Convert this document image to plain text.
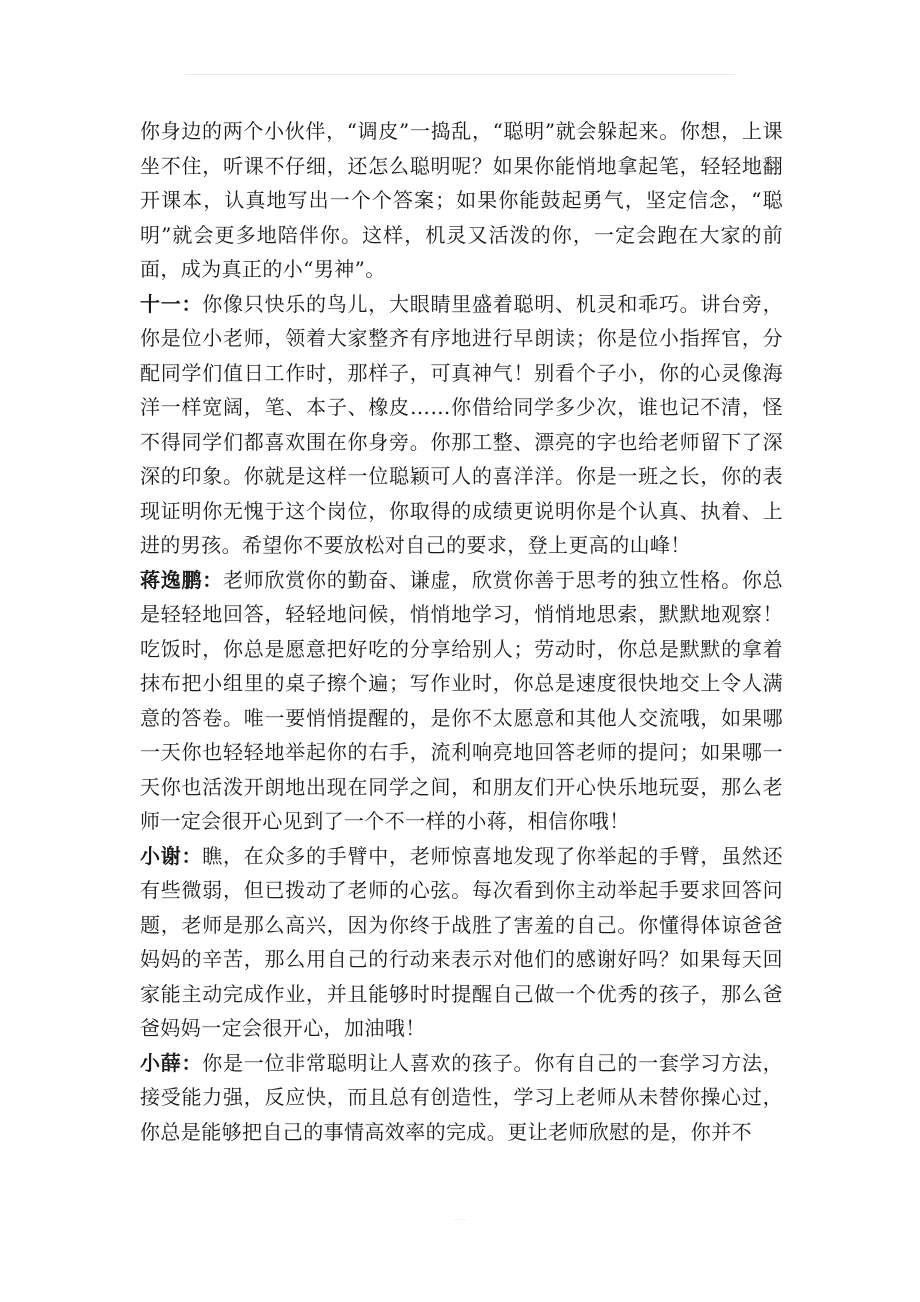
你身边的两个小伙伴，“调皮”一捣乱，“聪明”就会躲起来。你想，上课坐不住，听课不仔细，还怎么聪明呢？如果你能悄地拿起笔，轻轻地翻开课本，认真地写出一个个答案；如果你能鼓起勇气，坚定信念，“聪明”就会更多地陪伴你。这样，机灵又活泼的你，一定会跑在大家的前面，成为真正的小“男神”。

十一：你像只快乐的鸟儿，大眼睛里盛着聪明、机灵和乖巧。讲台旁，你是位小老师，领着大家整齐有序地进行早朗读；你是位小指挥官，分配同学们值日工作时，那样子，可真神气！别看个子小，你的心灵像海洋一样宽阔，笔、本子、橡皮……你借给同学多少次，谁也记不清，怪不得同学们都喜欢围在你身旁。你那工整、漂亮的字也给老师留下了深深的印象。你就是这样一位聪颖可人的喜洋洋。你是一班之长，你的表现证明你无愧于这个岗位，你取得的成绩更说明你是个认真、执着、上进的男孩。希望你不要放松对自己的要求，登上更高的山峰！

蒋逸鹏：老师欣赏你的勤奋、谦虚，欣赏你善于思考的独立性格。你总是轻轻地回答，轻轻地问候，悄悄地学习，悄悄地思索，默默地观察！吃饭时，你总是愿意把好吃的分享给别人；劳动时，你总是默默的拿着抹布把小组里的桌子擦个遍；写作业时，你总是速度很快地交上令人满意的答卷。唯一要悄悄提醒的，是你不太愿意和其他人交流哦，如果哪一天你也轻轻地举起你的右手，流利响亮地回答老师的提问；如果哪一天你也活泼开朗地出现在同学之间，和朋友们开心快乐地玩耍，那么老师一定会很开心见到了一个不一样的小蒋，相信你哦！

小谢：瞧，在众多的手臂中，老师惊喜地发现了你举起的手臂，虽然还有些微弱，但已拨动了老师的心弦。每次看到你主动举起手要求回答问题，老师是那么高兴，因为你终于战胜了害羞的自己。你懂得体谅爸爸妈妈的辛苦，那么用自己的行动来表示对他们的感谢好吗？如果每天回家能主动完成作业，并且能够时时提醒自己做一个优秀的孩子，那么爸爸妈妈一定会很开心，加油哦！

小薛：你是一位非常聪明让人喜欢的孩子。你有自己的一套学习方法，接受能力强，反应快，而且总有创造性，学习上老师从未替你操心过，你总是能够把自己的事情高效率的完成。更让老师欣慰的是，你并不

·····
